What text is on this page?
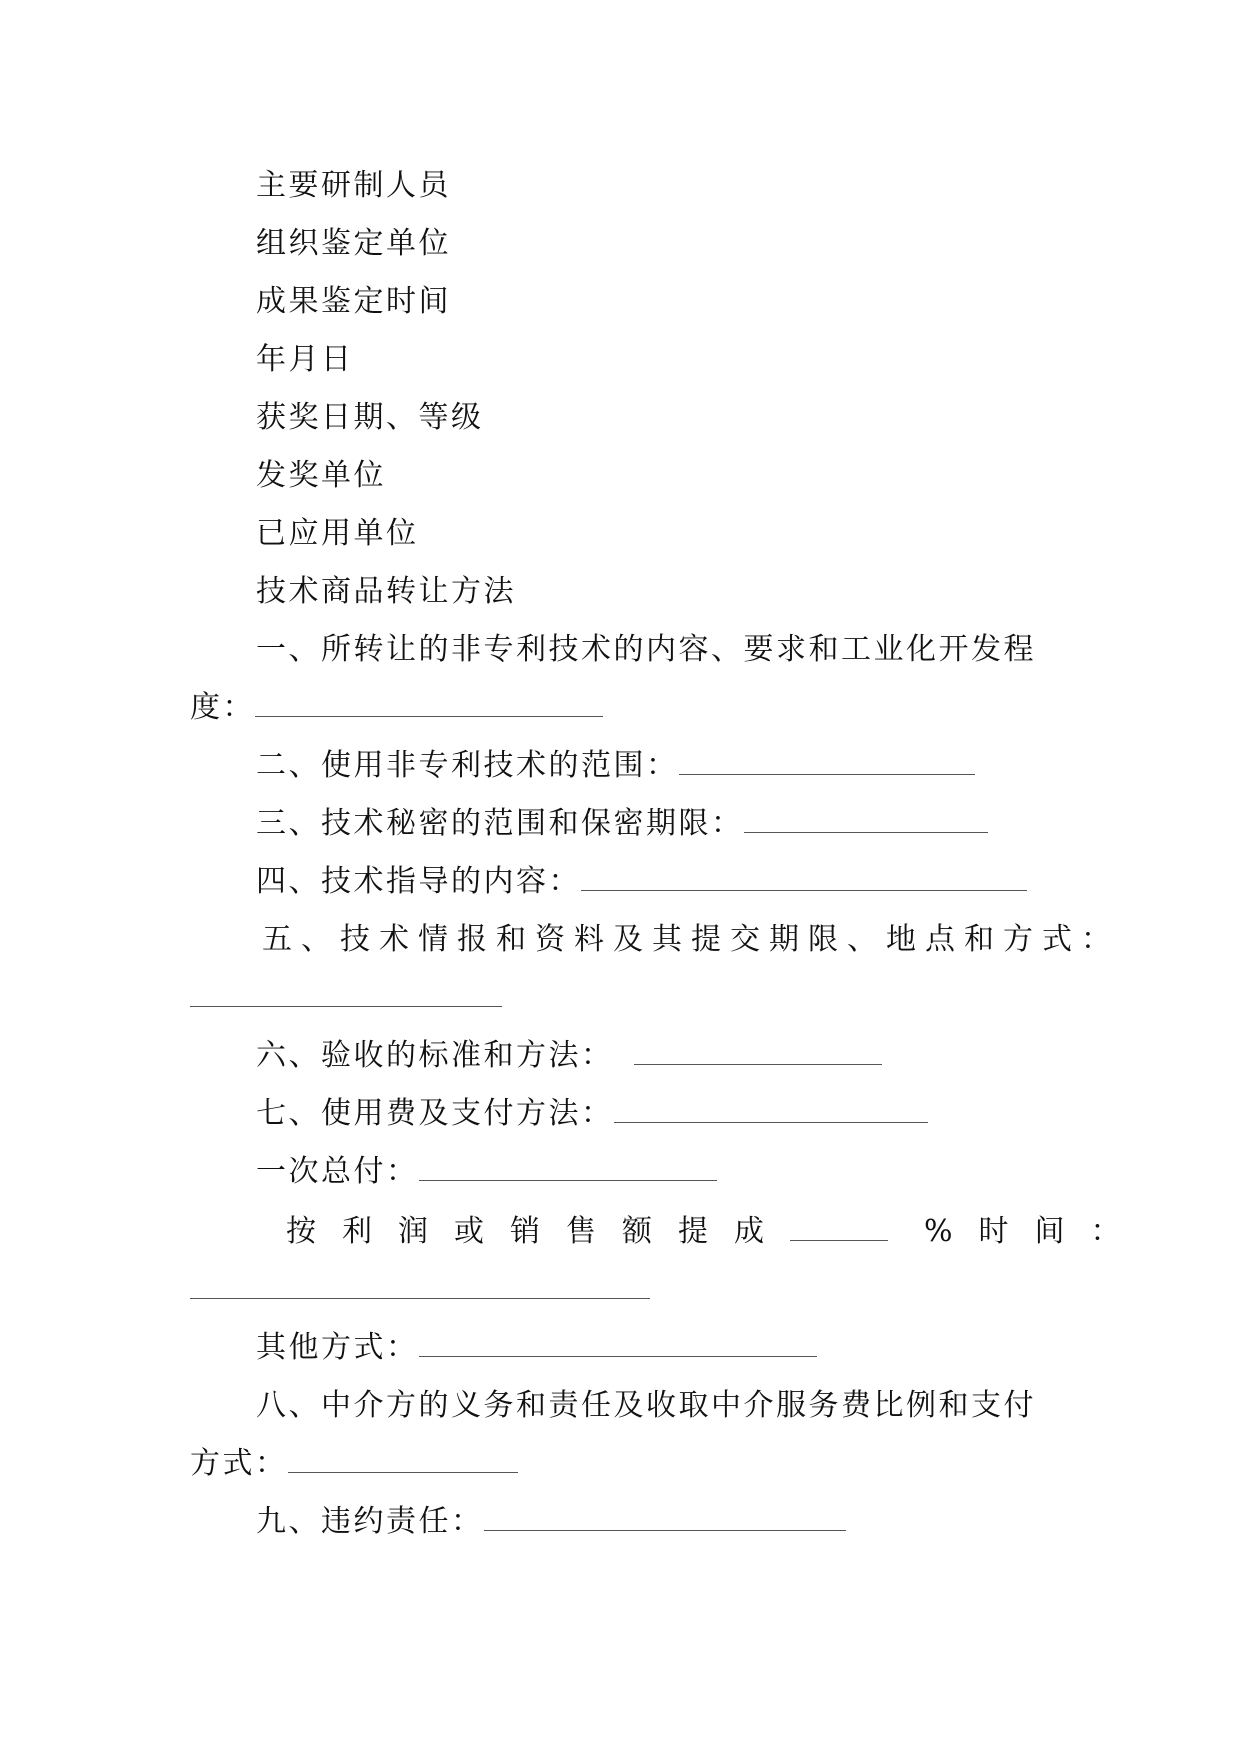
主要研制人员
组织鉴定单位
成果鉴定时间
年月日
获奖日期、等级
发奖单位
已应用单位
技术商品转让方法
一、所转让的非专利技术的内容、要求和工业化开发程
度：
二、使用非专利技术的范围：
三、技术秘密的范围和保密期限：
四、技术指导的内容：
五、技术情报和资料及其提交期限、地点和方式：
六、验收的标准和方法：
七、使用费及支付方法：
一次总付：
按利润或销售额提成	%时间：
其他方式：
八、中介方的义务和责任及收取中介服务费比例和支付
方式：
九、违约责任：
